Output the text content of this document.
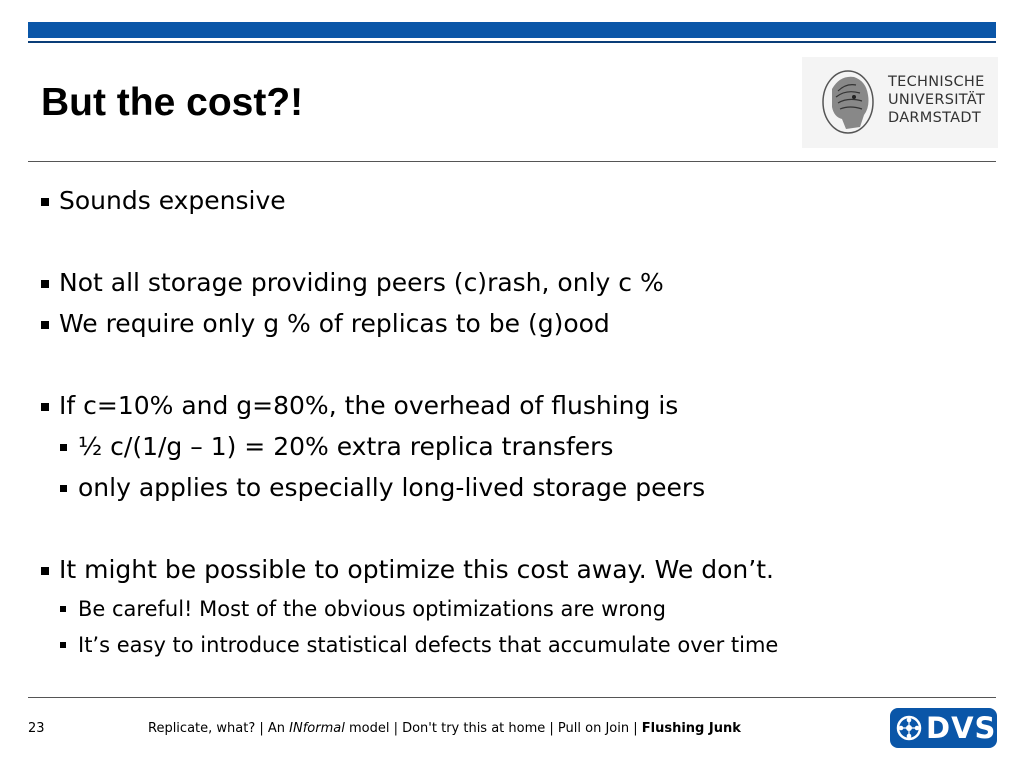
But the cost?!	TECHNISCHE
UNIVERSITÄT
DARMSTADT
Sounds expensive
Not all storage providing peers (c)rash, only c %
We require only g % of replicas to be (g)ood
If c=10% and g=80%, the overhead of flushing is
½ c/(1/g – 1) = 20% extra replica transfers
only applies to especially long-lived storage peers
It might be possible to optimize this cost away. We don’t.
Be careful! Most of the obvious optimizations are wrong
It’s easy to introduce statistical defects that accumulate over time
23	Replicate, what? | An INformal model | Don't try this at home | Pull on Join | Flushing Junk	DVS
